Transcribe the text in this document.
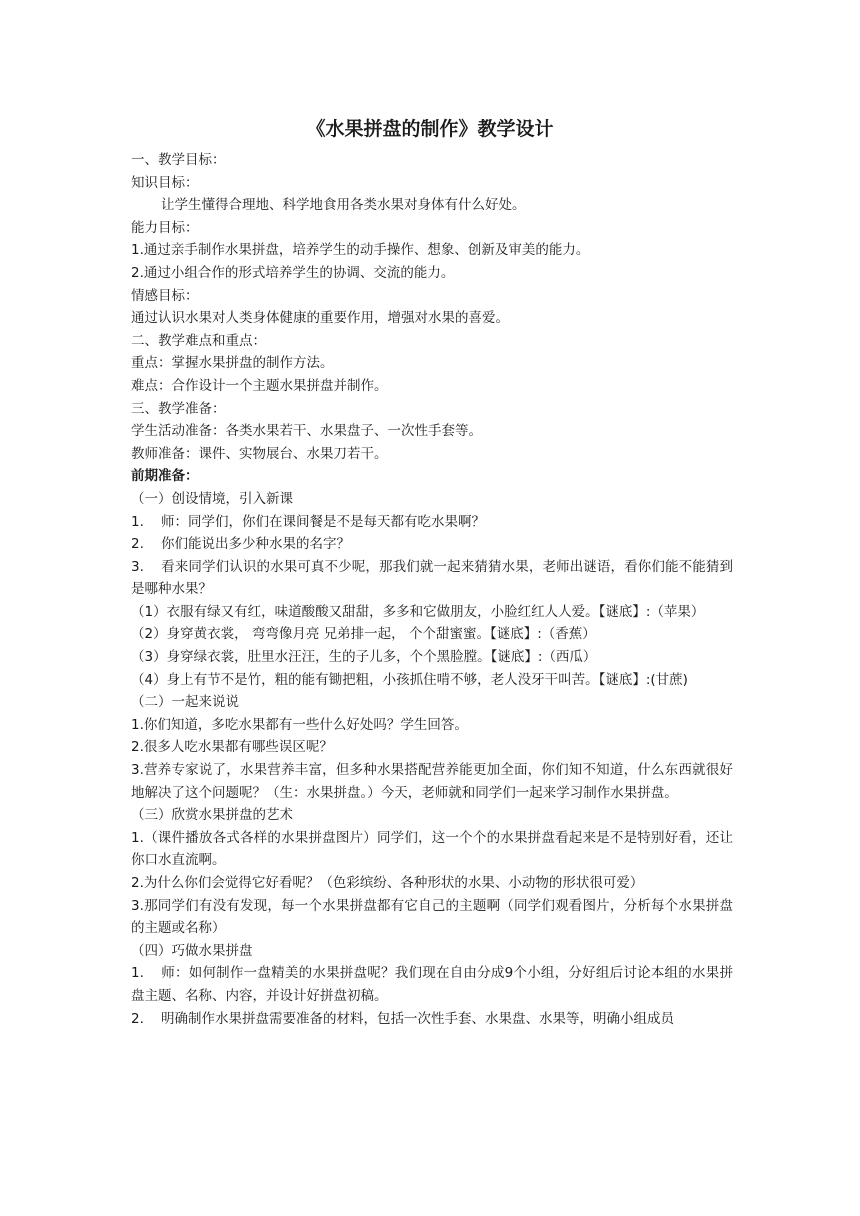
《水果拼盘的制作》教学设计

一、教学目标：

知识目标：

让学生懂得合理地、科学地食用各类水果对身体有什么好处。

能力目标：

1.通过亲手制作水果拼盘，培养学生的动手操作、想象、创新及审美的能力。

2.通过小组合作的形式培养学生的协调、交流的能力。

情感目标：

通过认识水果对人类身体健康的重要作用，增强对水果的喜爱。

二、教学难点和重点：

重点：掌握水果拼盘的制作方法。

难点：合作设计一个主题水果拼盘并制作。

三、教学准备：

学生活动准备：各类水果若干、水果盘子、一次性手套等。

教师准备：课件、实物展台、水果刀若干。

前期准备：

（一）创设情境，引入新课

1. 师：同学们，你们在课间餐是不是每天都有吃水果啊？

2. 你们能说出多少种水果的名字？

3. 看来同学们认识的水果可真不少呢，那我们就一起来猜猜水果，老师出谜语，看你们能不能猜到是哪种水果？

（1）衣服有绿又有红，味道酸酸又甜甜，多多和它做朋友，小脸红红人人爱。【谜底】:（苹果）

（2）身穿黄衣裳， 弯弯像月亮 兄弟排一起， 个个甜蜜蜜。【谜底】:（香蕉）

（3）身穿绿衣裳，肚里水汪汪，生的子儿多，个个黑脸膛。【谜底】:（西瓜）

（4）身上有节不是竹，粗的能有锄把粗，小孩抓住啃不够，老人没牙干叫苦。【谜底】:(甘蔗)

（二）一起来说说

1.你们知道，多吃水果都有一些什么好处吗？学生回答。

2.很多人吃水果都有哪些误区呢？

3.营养专家说了，水果营养丰富，但多种水果搭配营养能更加全面，你们知不知道，什么东西就很好地解决了这个问题呢？（生：水果拼盘。）今天，老师就和同学们一起来学习制作水果拼盘。

（三）欣赏水果拼盘的艺术

1.（课件播放各式各样的水果拼盘图片）同学们，这一个个的水果拼盘看起来是不是特别好看，还让你口水直流啊。

2.为什么你们会觉得它好看呢？（色彩缤纷、各种形状的水果、小动物的形状很可爱）

3.那同学们有没有发现，每一个水果拼盘都有它自己的主题啊（同学们观看图片，分析每个水果拼盘的主题或名称）

（四）巧做水果拼盘

1. 师：如何制作一盘精美的水果拼盘呢？我们现在自由分成9个小组，分好组后讨论本组的水果拼盘主题、名称、内容，并设计好拼盘初稿。

2. 明确制作水果拼盘需要准备的材料，包括一次性手套、水果盘、水果等，明确小组成员
